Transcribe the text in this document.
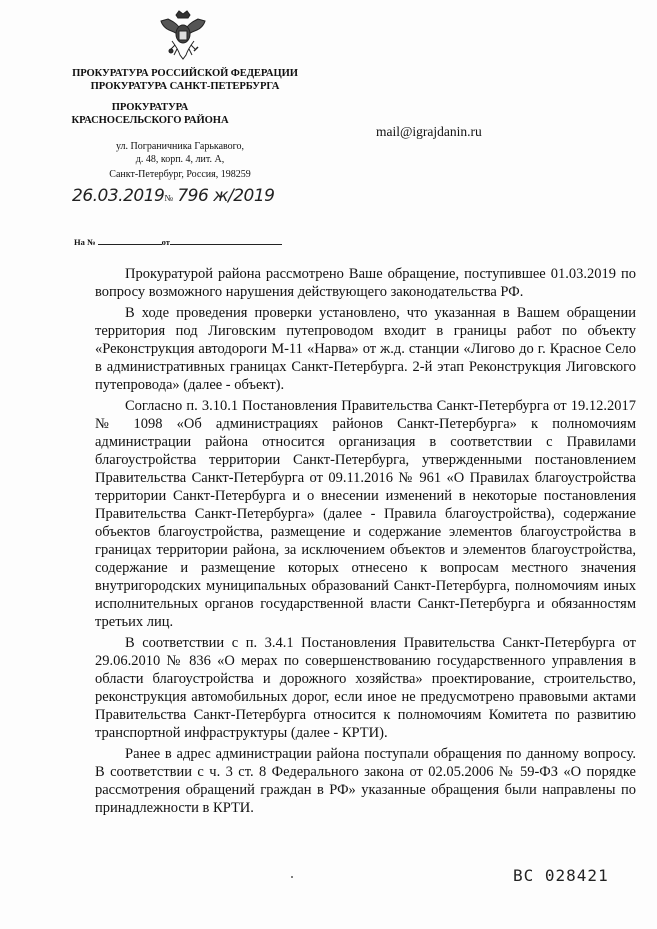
ПРОКУРАТУРА РОССИЙСКОЙ ФЕДЕРАЦИИ
ПРОКУРАТУРА САНКТ-ПЕТЕРБУРГА
ПРОКУРАТУРА
КРАСНОСЕЛЬСКОГО РАЙОНА
ул. Пограничника Гарькавого,
д. 48, корп. 4, лит. А,
Санкт-Петербург, Россия, 198259
mail@igrajdanin.ru
26.03.2019№ 796 ж/2019
На №	от

Прокуратурой района рассмотрено Ваше обращение, поступившее 01.03.2019 по вопросу возможного нарушения действующего законодательства РФ.

В ходе проведения проверки установлено, что указанная в Вашем обращении территория под Лиговским путепроводом входит в границы работ по объекту «Реконструкция автодороги М-11 «Нарва» от ж.д. станции «Лигово до г. Красное Село в административных границах Санкт-Петербурга. 2-й этап Реконструкция Лиговского путепровода» (далее - объект).

Согласно п. 3.10.1 Постановления Правительства Санкт-Петербурга от 19.12.2017 № 1098 «Об администрациях районов Санкт-Петербурга» к полномочиям администрации района относится организация в соответствии с Правилами благоустройства территории Санкт-Петербурга, утвержденными постановлением Правительства Санкт-Петербурга от 09.11.2016 № 961 «О Правилах благоустройства территории Санкт-Петербурга и о внесении изменений в некоторые постановления Правительства Санкт-Петербурга» (далее - Правила благоустройства), содержание объектов благоустройства, размещение и содержание элементов благоустройства в границах территории района, за исключением объектов и элементов благоустройства, содержание и размещение которых отнесено к вопросам местного значения внутригородских муниципальных образований Санкт-Петербурга, полномочиям иных исполнительных органов государственной власти Санкт-Петербурга и обязанностям третьих лиц.

В соответствии с п. 3.4.1 Постановления Правительства Санкт-Петербурга от 29.06.2010 № 836 «О мерах по совершенствованию государственного управления в области благоустройства и дорожного хозяйства» проектирование, строительство, реконструкция автомобильных дорог, если иное не предусмотрено правовыми актами Правительства Санкт-Петербурга относится к полномочиям Комитета по развитию транспортной инфраструктуры (далее - КРТИ).

Ранее в адрес администрации района поступали обращения по данному вопросу. В соответствии с ч. 3 ст. 8 Федерального закона от 02.05.2006 № 59-ФЗ «О порядке рассмотрения обращений граждан в РФ» указанные обращения были направлены по принадлежности в КРТИ.

ВС 028421
